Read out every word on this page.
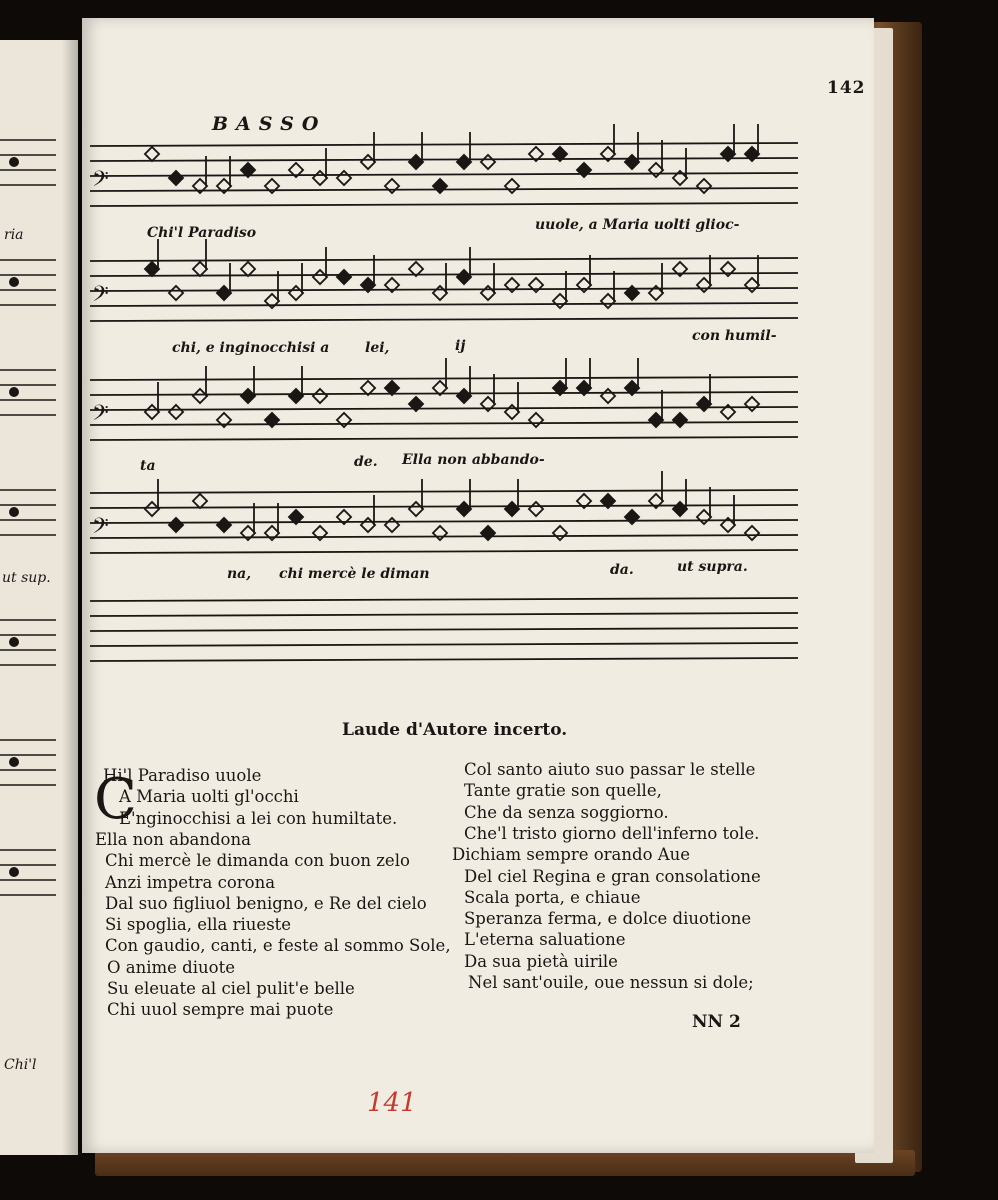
ria
ut sup.
Chi'l
142
BASSO
𝄢
𝄢
𝄢
𝄢
Chi'l Paradiso	uuole, a Maria uolti glioc-
chi, e inginocchisi a	lei,	ij
con humil-
ta	de. Ella non abbando-
na, chi mercè le diman	da.	ut supra.
Laude d'Autore incerto.
C
Hi'l Paradiso uuole
A Maria uolti gl'occhi
E'nginocchisi a lei con humiltate.
Ella non abandona
Chi mercè le dimanda con buon zelo
Anzi impetra corona
Dal suo figliuol benigno, e Re del cielo
Si spoglia, ella riueste
Con gaudio, canti, e feste al sommo Sole,
O anime diuote
Su eleuate al ciel pulit'e belle
Chi uuol sempre mai puote
Col santo aiuto suo passar le stelle
Tante gratie son quelle,
Che da senza soggiorno.
Che'l tristo giorno dell'inferno tole.
Dichiam sempre orando Aue
Del ciel Regina e gran consolatione
Scala porta, e chiaue
Speranza ferma, e dolce diuotione
L'eterna saluatione
Da sua pietà uirile
Nel sant'ouile, oue nessun si dole;
NN 2
141
